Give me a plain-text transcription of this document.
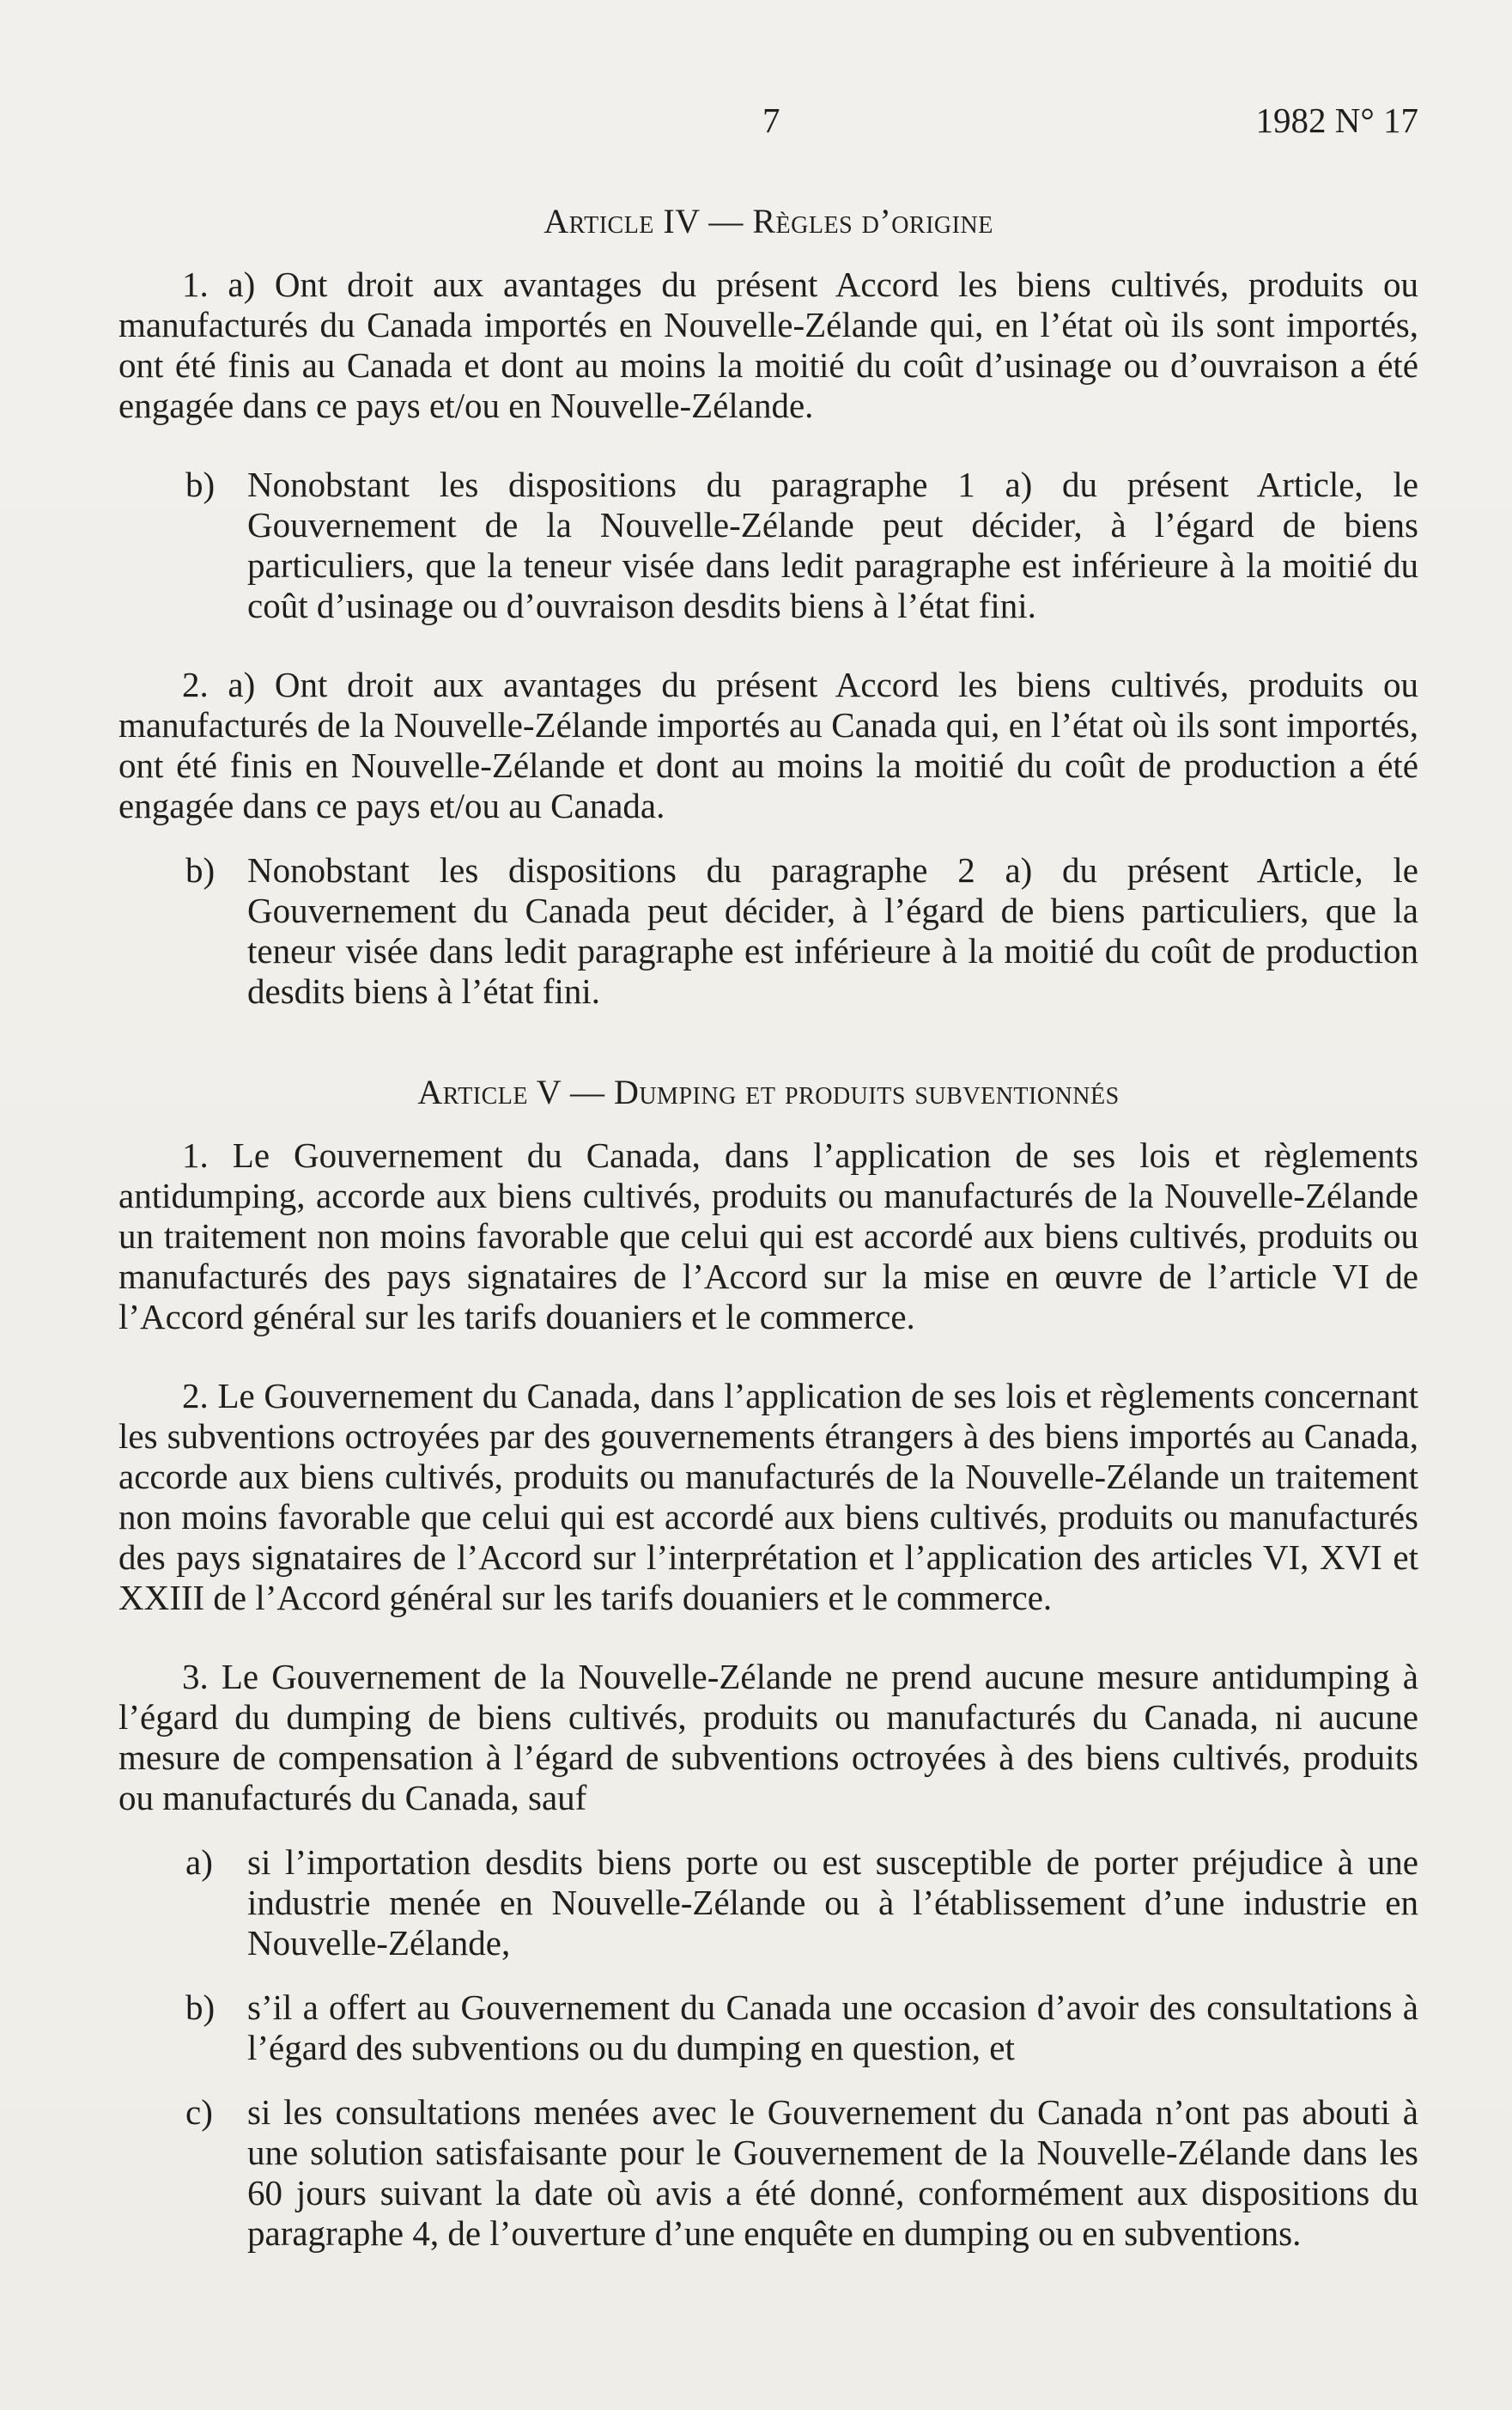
7	1982 N° 17
Article IV — Règles d’origine

1. a) Ont droit aux avantages du présent Accord les biens cultivés, produits ou manufacturés du Canada importés en Nouvelle-Zélande qui, en l’état où ils sont importés, ont été finis au Canada et dont au moins la moitié du coût d’usinage ou d’ouvraison a été engagée dans ce pays et/ou en Nouvelle-Zélande.

b) Nonobstant les dispositions du paragraphe 1 a) du présent Article, le Gouvernement de la Nouvelle-Zélande peut décider, à l’égard de biens particuliers, que la teneur visée dans ledit paragraphe est inférieure à la moitié du coût d’usinage ou d’ouvraison desdits biens à l’état fini.

2. a) Ont droit aux avantages du présent Accord les biens cultivés, produits ou manufacturés de la Nouvelle-Zélande importés au Canada qui, en l’état où ils sont importés, ont été finis en Nouvelle-Zélande et dont au moins la moitié du coût de production a été engagée dans ce pays et/ou au Canada.

b) Nonobstant les dispositions du paragraphe 2 a) du présent Article, le Gouvernement du Canada peut décider, à l’égard de biens particuliers, que la teneur visée dans ledit paragraphe est inférieure à la moitié du coût de production desdits biens à l’état fini.

Article V — Dumping et produits subventionnés

1. Le Gouvernement du Canada, dans l’application de ses lois et règlements antidumping, accorde aux biens cultivés, produits ou manufacturés de la Nouvelle-Zélande un traitement non moins favorable que celui qui est accordé aux biens cultivés, produits ou manufacturés des pays signataires de l’Accord sur la mise en œuvre de l’article VI de l’Accord général sur les tarifs douaniers et le commerce.

2. Le Gouvernement du Canada, dans l’application de ses lois et règlements concernant les subventions octroyées par des gouvernements étrangers à des biens importés au Canada, accorde aux biens cultivés, produits ou manufacturés de la Nouvelle-Zélande un traitement non moins favorable que celui qui est accordé aux biens cultivés, produits ou manufacturés des pays signataires de l’Accord sur l’interprétation et l’application des articles VI, XVI et XXIII de l’Accord général sur les tarifs douaniers et le commerce.

3. Le Gouvernement de la Nouvelle-Zélande ne prend aucune mesure antidumping à l’égard du dumping de biens cultivés, produits ou manufacturés du Canada, ni aucune mesure de compensation à l’égard de subventions octroyées à des biens cultivés, produits ou manufacturés du Canada, sauf

a) si l’importation desdits biens porte ou est susceptible de porter préjudice à une industrie menée en Nouvelle-Zélande ou à l’établissement d’une industrie en Nouvelle-Zélande,

b) s’il a offert au Gouvernement du Canada une occasion d’avoir des consultations à l’égard des subventions ou du dumping en question, et

c) si les consultations menées avec le Gouvernement du Canada n’ont pas abouti à une solution satisfaisante pour le Gouvernement de la Nouvelle-Zélande dans les 60 jours suivant la date où avis a été donné, conformément aux dispositions du paragraphe 4, de l’ouverture d’une enquête en dumping ou en subventions.
